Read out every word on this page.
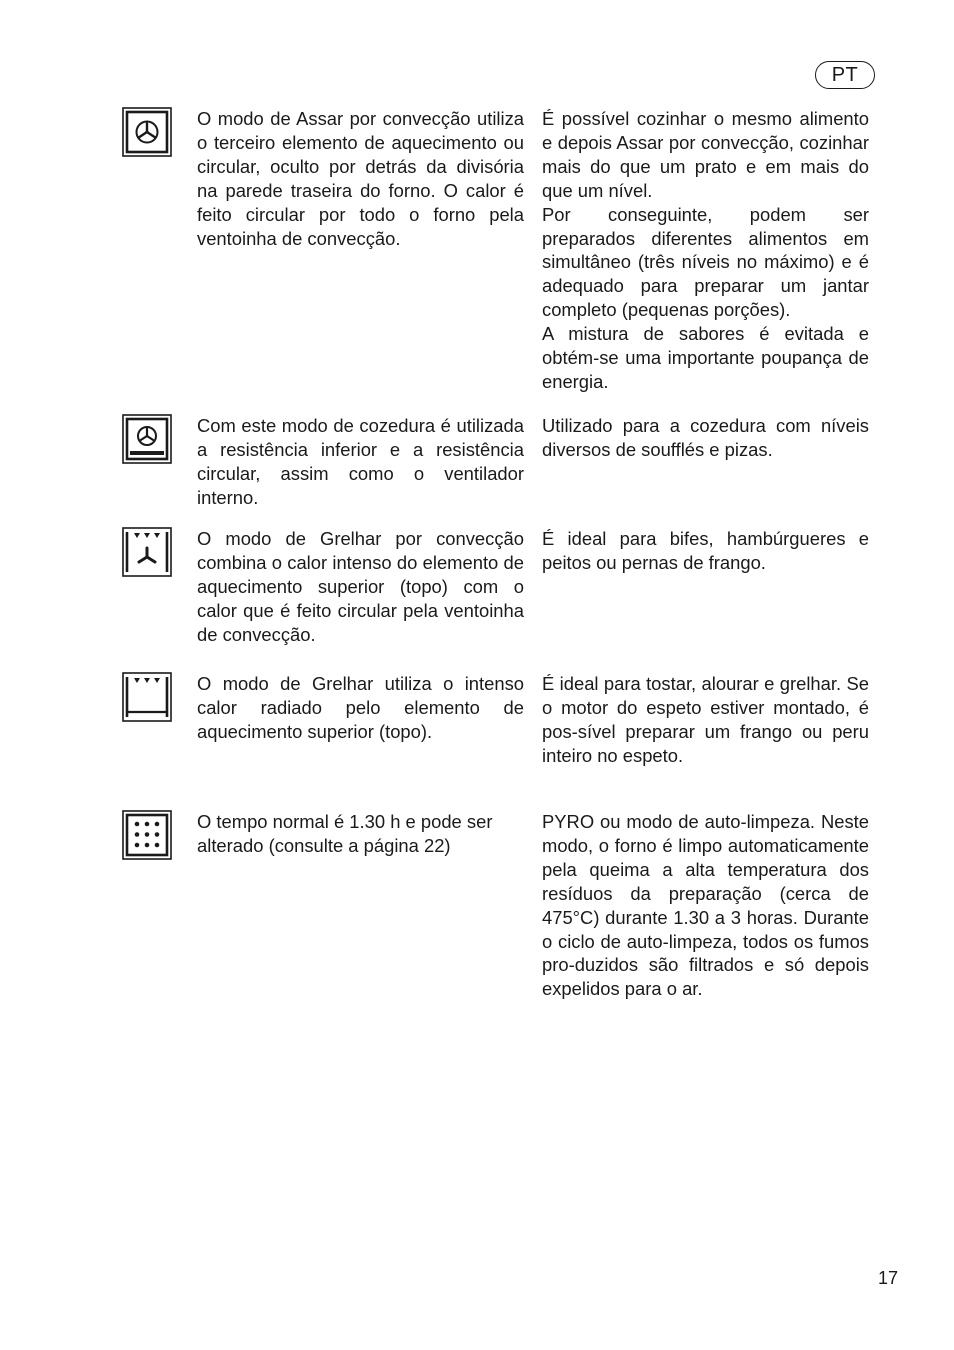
PT

O modo de Assar por convecção utiliza o terceiro elemento de aquecimento ou circular, oculto por detrás da divisória na parede traseira do forno. O calor é feito circular por todo o forno pela ventoinha de convecção.

É possível cozinhar o mesmo alimento e depois Assar por convecção, cozinhar mais do que um prato e em mais do que um nível.

Por conseguinte, podem ser preparados diferentes alimentos em simultâneo (três níveis no máximo) e é adequado para preparar um jantar completo (pequenas porções).

A mistura de sabores é evitada e obtém-se uma importante poupança de energia.

Com este modo de cozedura é utilizada a resistência inferior e a resistência circular, assim como o ventilador interno.

Utilizado para a cozedura com níveis diversos de soufflés e pizas.

O modo de Grelhar por convecção combina o calor intenso do elemento de aquecimento superior (topo) com o calor que é feito circular pela ventoinha de convecção.

É ideal para bifes, hambúrgueres e peitos ou pernas de frango.

O modo de Grelhar utiliza o intenso calor radiado pelo elemento de aquecimento superior (topo).

É ideal para tostar, alourar e grelhar. Se o motor do espeto estiver montado, é pos-sível preparar um frango ou peru inteiro no espeto.

O tempo normal é 1.30 h e pode ser alterado (consulte a página 22)

PYRO ou modo de auto-limpeza. Neste modo, o forno é limpo automaticamente pela queima a alta temperatura dos resíduos da preparação (cerca de 475°C) durante 1.30 a 3 horas. Durante o ciclo de auto-limpeza, todos os fumos pro-duzidos são filtrados e só depois expelidos para o ar.

17
